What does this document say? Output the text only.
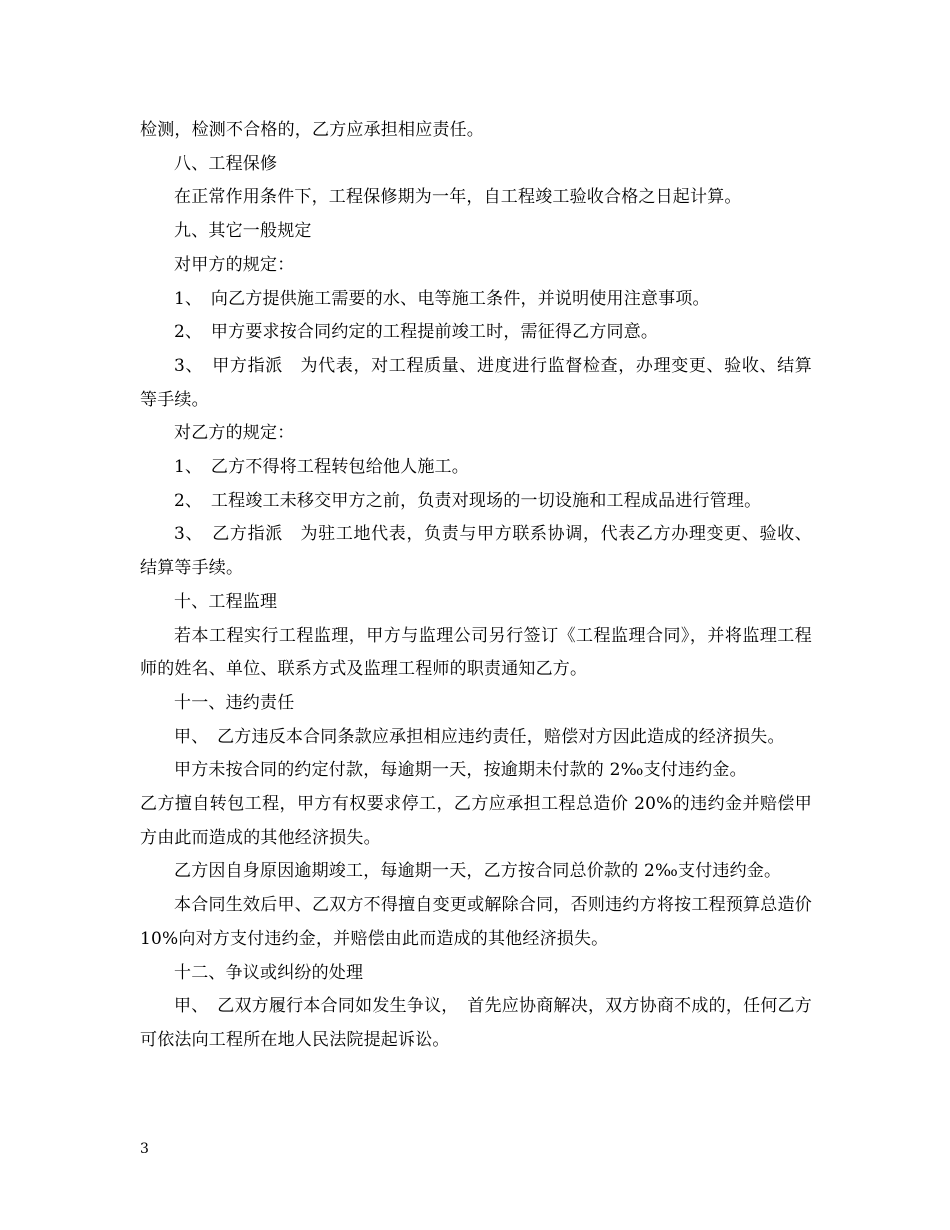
检测，检测不合格的，乙方应承担相应责任。

八、工程保修

在正常作用条件下，工程保修期为一年，自工程竣工验收合格之日起计算。

九、其它一般规定

对甲方的规定：

1、　向乙方提供施工需要的水、电等施工条件，并说明使用注意事项。

2、　甲方要求按合同约定的工程提前竣工时，需征得乙方同意。

3、　甲方指派　为代表，对工程质量、进度进行监督检查，办理变更、验收、结算等手续。

对乙方的规定：

1、　乙方不得将工程转包给他人施工。

2、　工程竣工未移交甲方之前，负责对现场的一切设施和工程成品进行管理。

3、　乙方指派　为驻工地代表，负责与甲方联系协调，代表乙方办理变更、验收、结算等手续。

十、工程监理

若本工程实行工程监理，甲方与监理公司另行签订《工程监理合同》，并将监理工程师的姓名、单位、联系方式及监理工程师的职责通知乙方。

十一、违约责任

甲、　乙方违反本合同条款应承担相应违约责任，赔偿对方因此造成的经济损失。

甲方未按合同的约定付款，每逾期一天，按逾期未付款的 2‰支付违约金。

乙方擅自转包工程，甲方有权要求停工，乙方应承担工程总造价 20%的违约金并赔偿甲方由此而造成的其他经济损失。

乙方因自身原因逾期竣工，每逾期一天，乙方按合同总价款的 2‰支付违约金。

本合同生效后甲、乙双方不得擅自变更或解除合同，否则违约方将按工程预算总造价 10%向对方支付违约金，并赔偿由此而造成的其他经济损失。

十二、争议或纠纷的处理

甲、　乙双方履行本合同如发生争议，　首先应协商解决，双方协商不成的，任何乙方可依法向工程所在地人民法院提起诉讼。

3
